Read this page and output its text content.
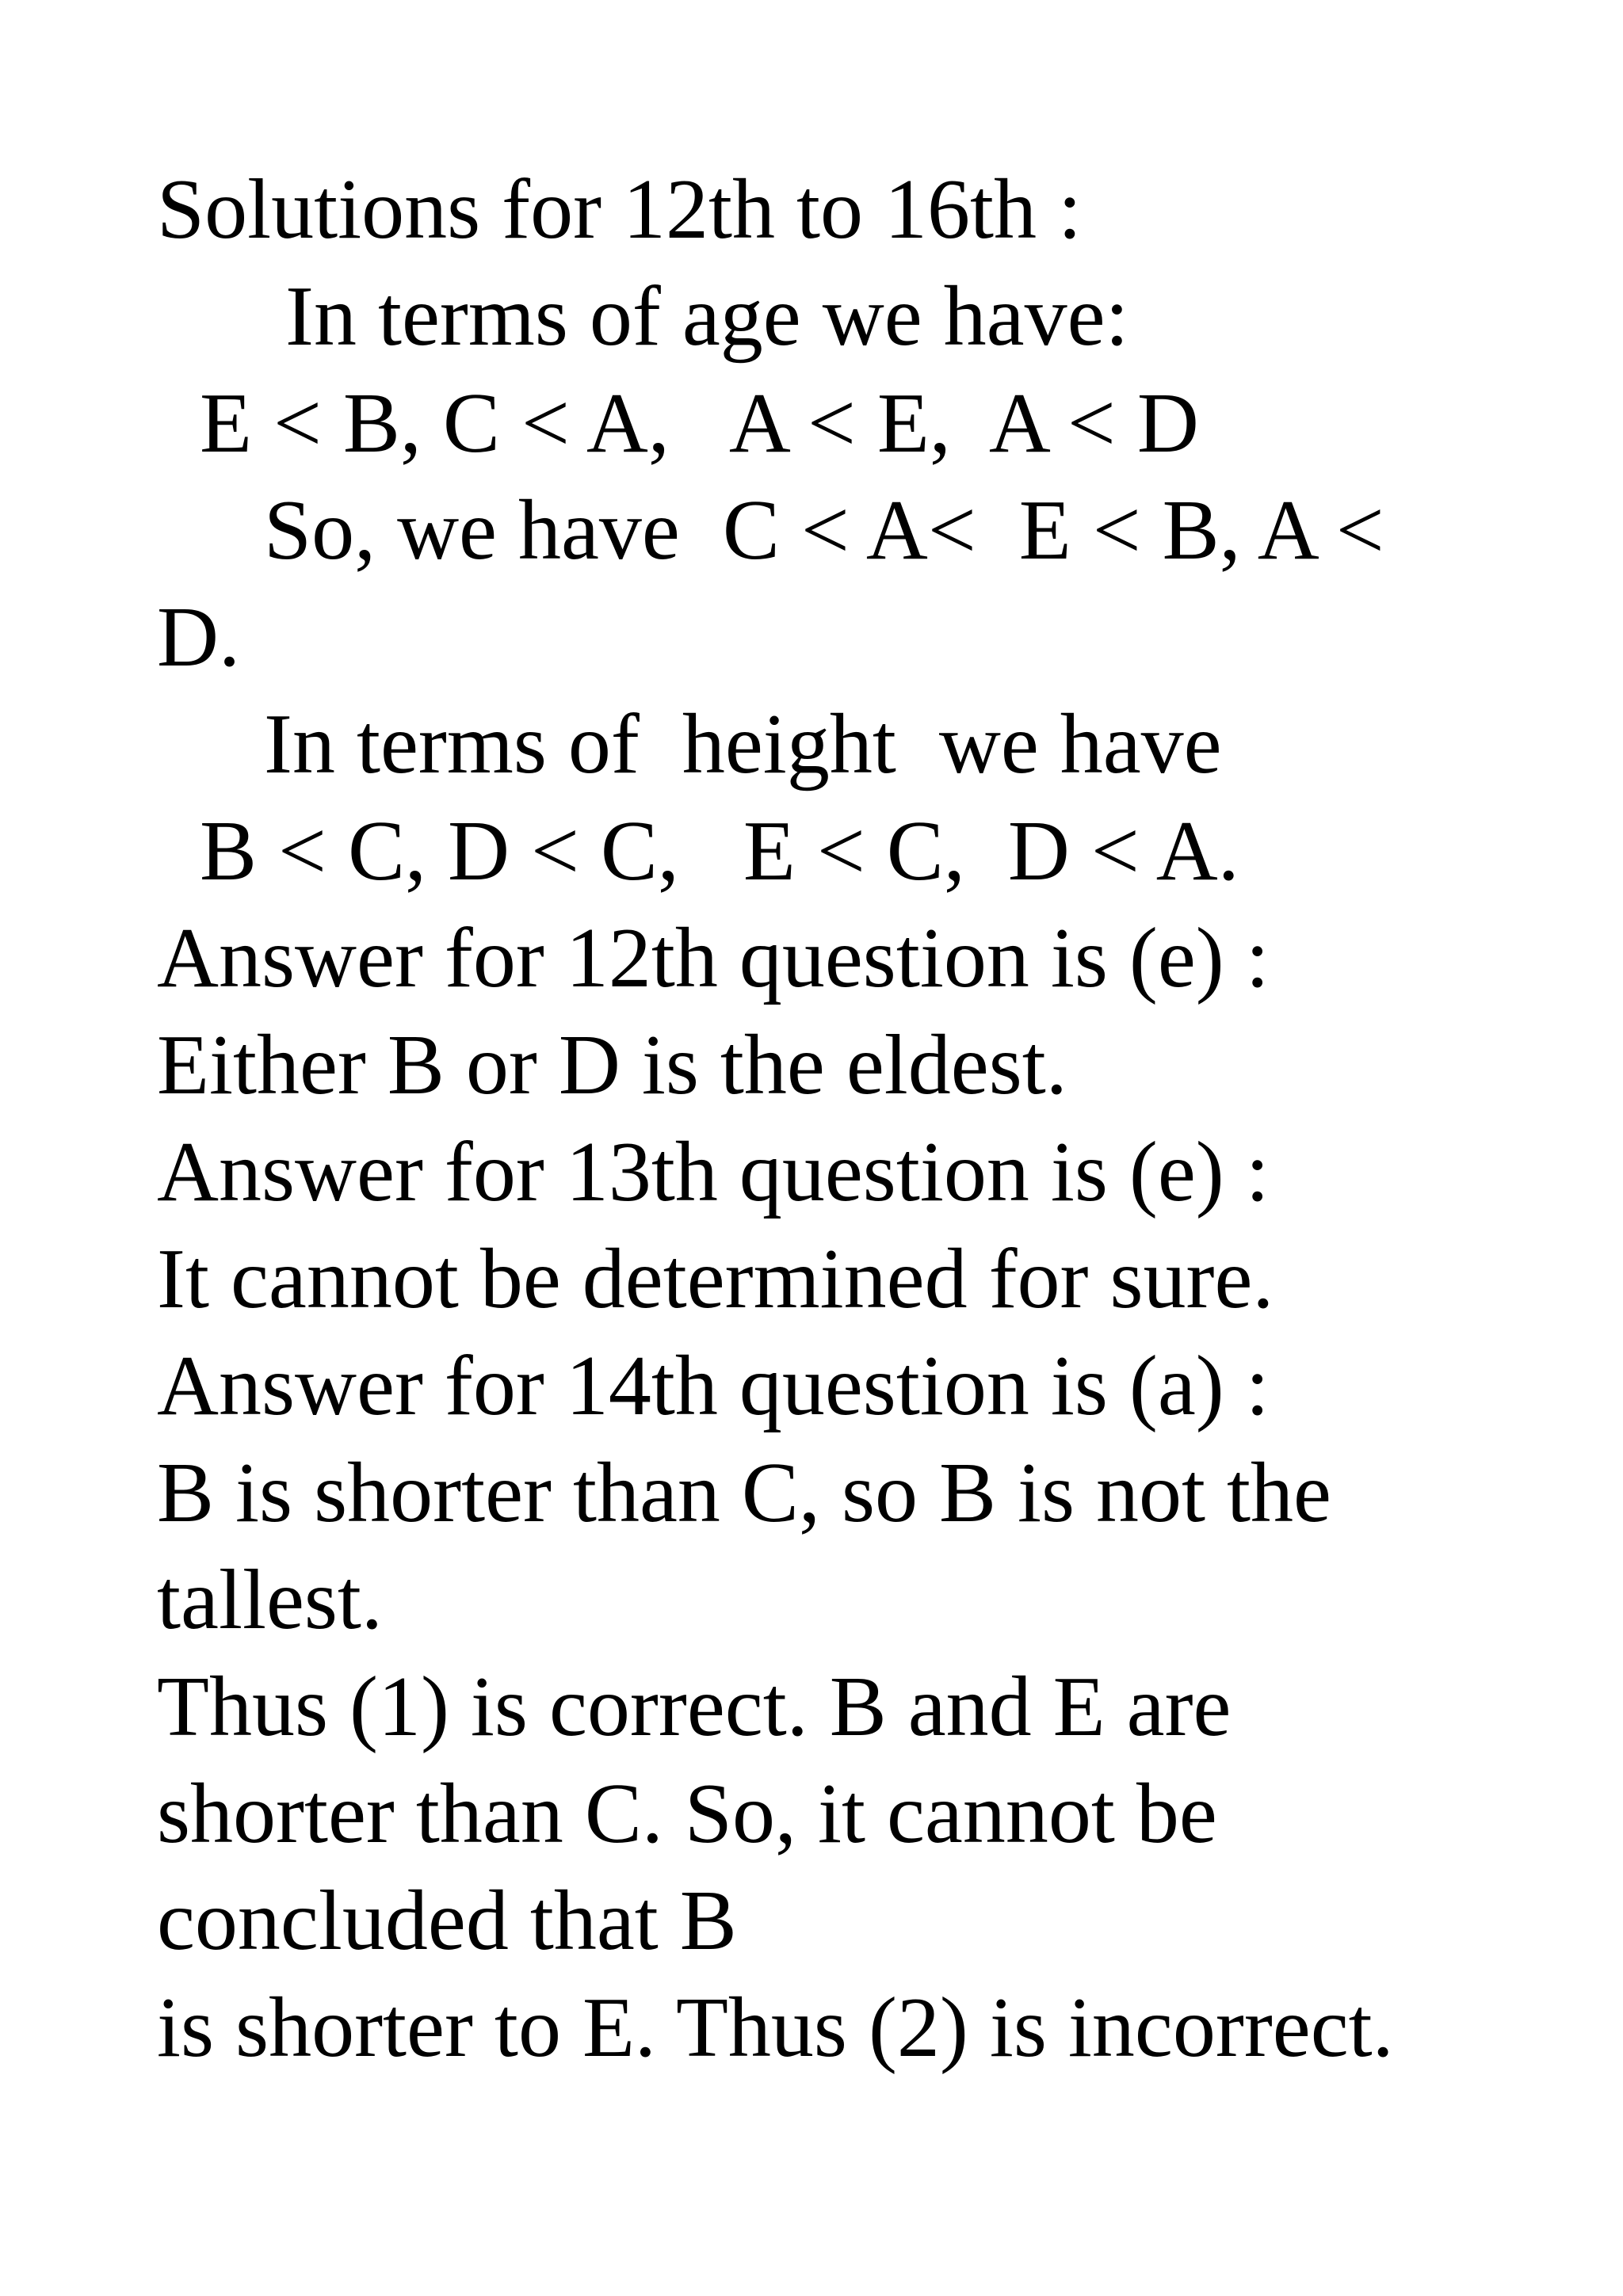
Solutions for 12th to 16th :

In terms of age we have:

E < B, C < A,   A < E,  A < D

So, we have  C < A<  E < B, A <

D.

In terms of  height  we have

B < C, D < C,   E < C,  D < A.

Answer for 12th question is (e) :

Either B or D is the eldest.

Answer for 13th question is (e) :

It cannot be determined for sure.

Answer for 14th question is (a) :

B is shorter than C, so B is not the

tallest.

Thus (1) is correct. B and E are

shorter than C. So, it cannot be

concluded that B

is shorter to E. Thus (2) is incorrect.
